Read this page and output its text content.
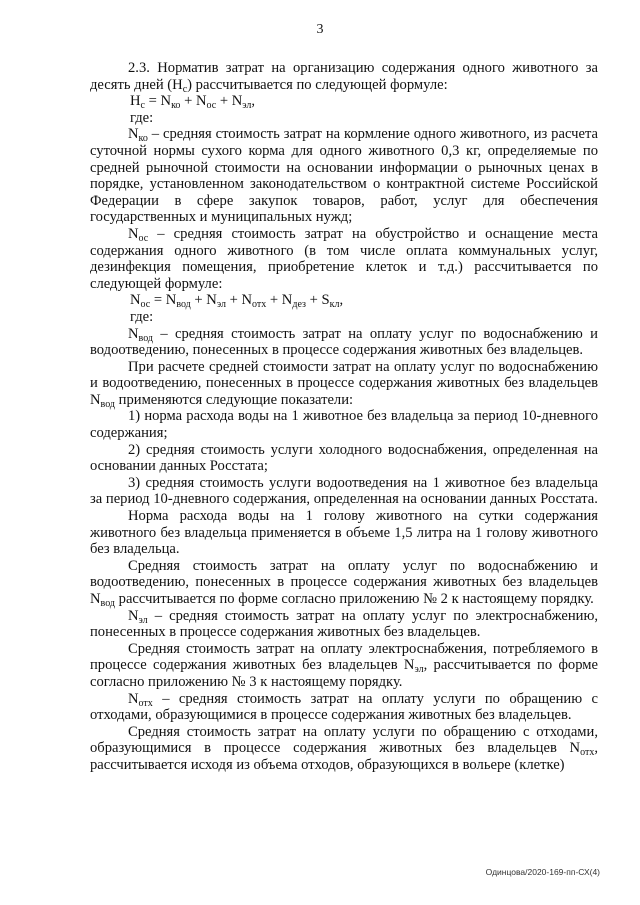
3

2.3. Норматив затрат на организацию содержания одного животного за десять дней $(Н_с)$ рассчитывается по следующей формуле:

$Н_с = N_{ко} + N_{ос} + N_{эл}$,

где:

$N_{ко}$ – средняя стоимость затрат на кормление одного животного, из расчета суточной нормы сухого корма для одного животного 0,3 кг, определяемые по средней рыночной стоимости на основании информации о рыночных ценах в порядке, установленном законодательством о контрактной системе Российской Федерации в сфере закупок товаров, работ, услуг для обеспечения государственных и муниципальных нужд;

$N_{ос}$ – средняя стоимость затрат на обустройство и оснащение места содержания одного животного (в том числе оплата коммунальных услуг, дезинфекция помещения, приобретение клеток и т.д.) рассчитывается по следующей формуле:

$N_{ос} = N_{вод} + N_{эл} + N_{отх} + N_{дез} + S_{кл}$,

где:

$N_{вод}$ – средняя стоимость затрат на оплату услуг по водоснабжению и водоотведению, понесенных в процессе содержания животных без владельцев.

При расчете средней стоимости затрат на оплату услуг по водоснабжению и водоотведению, понесенных в процессе содержания животных без владельцев $N_{вод}$ применяются следующие показатели:

1) норма расхода воды на 1 животное без владельца за период 10-дневного содержания;

2) средняя стоимость услуги холодного водоснабжения, определенная на основании данных Росстата;

3) средняя стоимость услуги водоотведения на 1 животное без владельца за период 10-дневного содержания, определенная на основании данных Росстата.

Норма расхода воды на 1 голову животного на сутки содержания животного без владельца применяется в объеме 1,5 литра на 1 голову животного без владельца.

Средняя стоимость затрат на оплату услуг по водоснабжению и водоотведению, понесенных в процессе содержания животных без владельцев $N_{вод}$ рассчитывается по форме согласно приложению № 2 к настоящему порядку.

$N_{эл}$ – средняя стоимость затрат на оплату услуг по электроснабжению, понесенных в процессе содержания животных без владельцев.

Средняя стоимость затрат на оплату электроснабжения, потребляемого в процессе содержания животных без владельцев $N_{эл}$, рассчитывается по форме согласно приложению № 3 к настоящему порядку.

$N_{отх}$ – средняя стоимость затрат на оплату услуги по обращению с отходами, образующимися в процессе содержания животных без владельцев.

Средняя стоимость затрат на оплату услуги по обращению с отходами, образующимися в процессе содержания животных без владельцев $N_{отх}$, рассчитывается исходя из объема отходов, образующихся в вольере (клетке)

Одинцова/2020-169-пп-СХ(4)
